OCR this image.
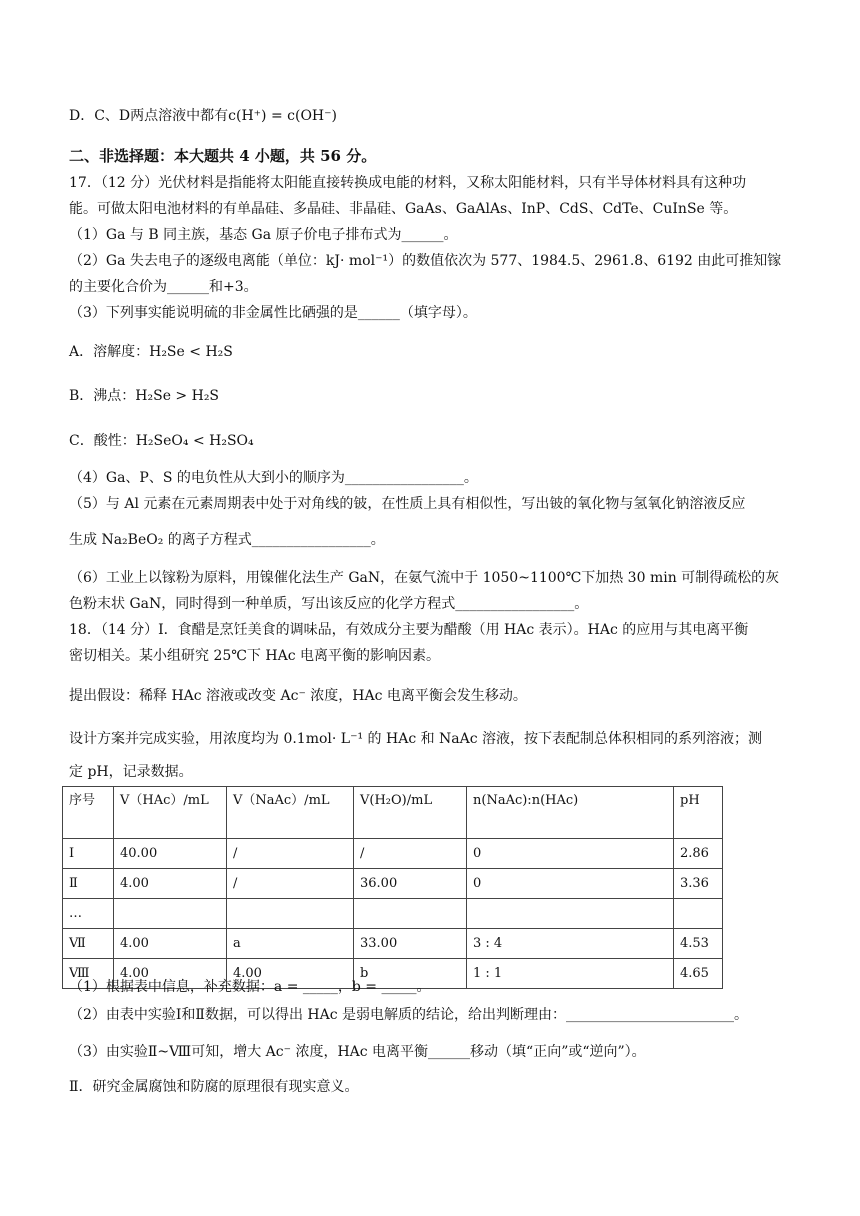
D．C、D两点溶液中都有c(H⁺) = c(OH⁻)
二、非选择题：本大题共 4 小题，共 56 分。
17．（12 分）光伏材料是指能将太阳能直接转换成电能的材料，又称太阳能材料，只有半导体材料具有这种功
能。可做太阳电池材料的有单晶硅、多晶硅、非晶硅、GaAs、GaAlAs、InP、CdS、CdTe、CuInSe 等。
（1）Ga 与 B 同主族，基态 Ga 原子价电子排布式为______。
（2）Ga 失去电子的逐级电离能（单位：kJ· mol⁻¹）的数值依次为 577、1984.5、2961.8、6192 由此可推知镓
的主要化合价为______和+3。
（3）下列事实能说明硫的非金属性比硒强的是______（填字母）。
A．溶解度：H₂Se < H₂S
B．沸点：H₂Se > H₂S
C．酸性：H₂SeO₄ < H₂SO₄
（4）Ga、P、S 的电负性从大到小的顺序为_________________。
（5）与 Al 元素在元素周期表中处于对角线的铍，在性质上具有相似性，写出铍的氧化物与氢氧化钠溶液反应
生成 Na₂BeO₂ 的离子方程式_________________。
（6）工业上以镓粉为原料，用镍催化法生产 GaN，在氨气流中于 1050~1100℃下加热 30 min 可制得疏松的灰
色粉末状 GaN，同时得到一种单质，写出该反应的化学方程式_________________。
18．（14 分）Ⅰ．食醋是烹饪美食的调味品，有效成分主要为醋酸（用 HAc 表示）。HAc 的应用与其电离平衡
密切相关。某小组研究 25℃下 HAc 电离平衡的影响因素。
提出假设：稀释 HAc 溶液或改变 Ac⁻ 浓度，HAc 电离平衡会发生移动。
设计方案并完成实验，用浓度均为 0.1mol· L⁻¹ 的 HAc 和 NaAc 溶液，按下表配制总体积相同的系列溶液；测
定 pH，记录数据。
序号	V（HAc）/mL	V（NaAc）/mL	V(H₂O)/mL	n(NaAc):n(HAc)	pH
Ⅰ	40.00	/	/	0	2.86
Ⅱ	4.00	/	36.00	0	3.36
…					
Ⅶ	4.00	a	33.00	3 : 4	4.53
Ⅷ	4.00	4.00	b	1 : 1	4.65
（1）根据表中信息，补充数据：a = _____，b = _____。
（2）由表中实验Ⅰ和Ⅱ数据，可以得出 HAc 是弱电解质的结论，给出判断理由：________________________。
（3）由实验Ⅱ~Ⅷ可知，增大 Ac⁻ 浓度，HAc 电离平衡______移动（填“正向”或“逆向”）。
Ⅱ．研究金属腐蚀和防腐的原理很有现实意义。
